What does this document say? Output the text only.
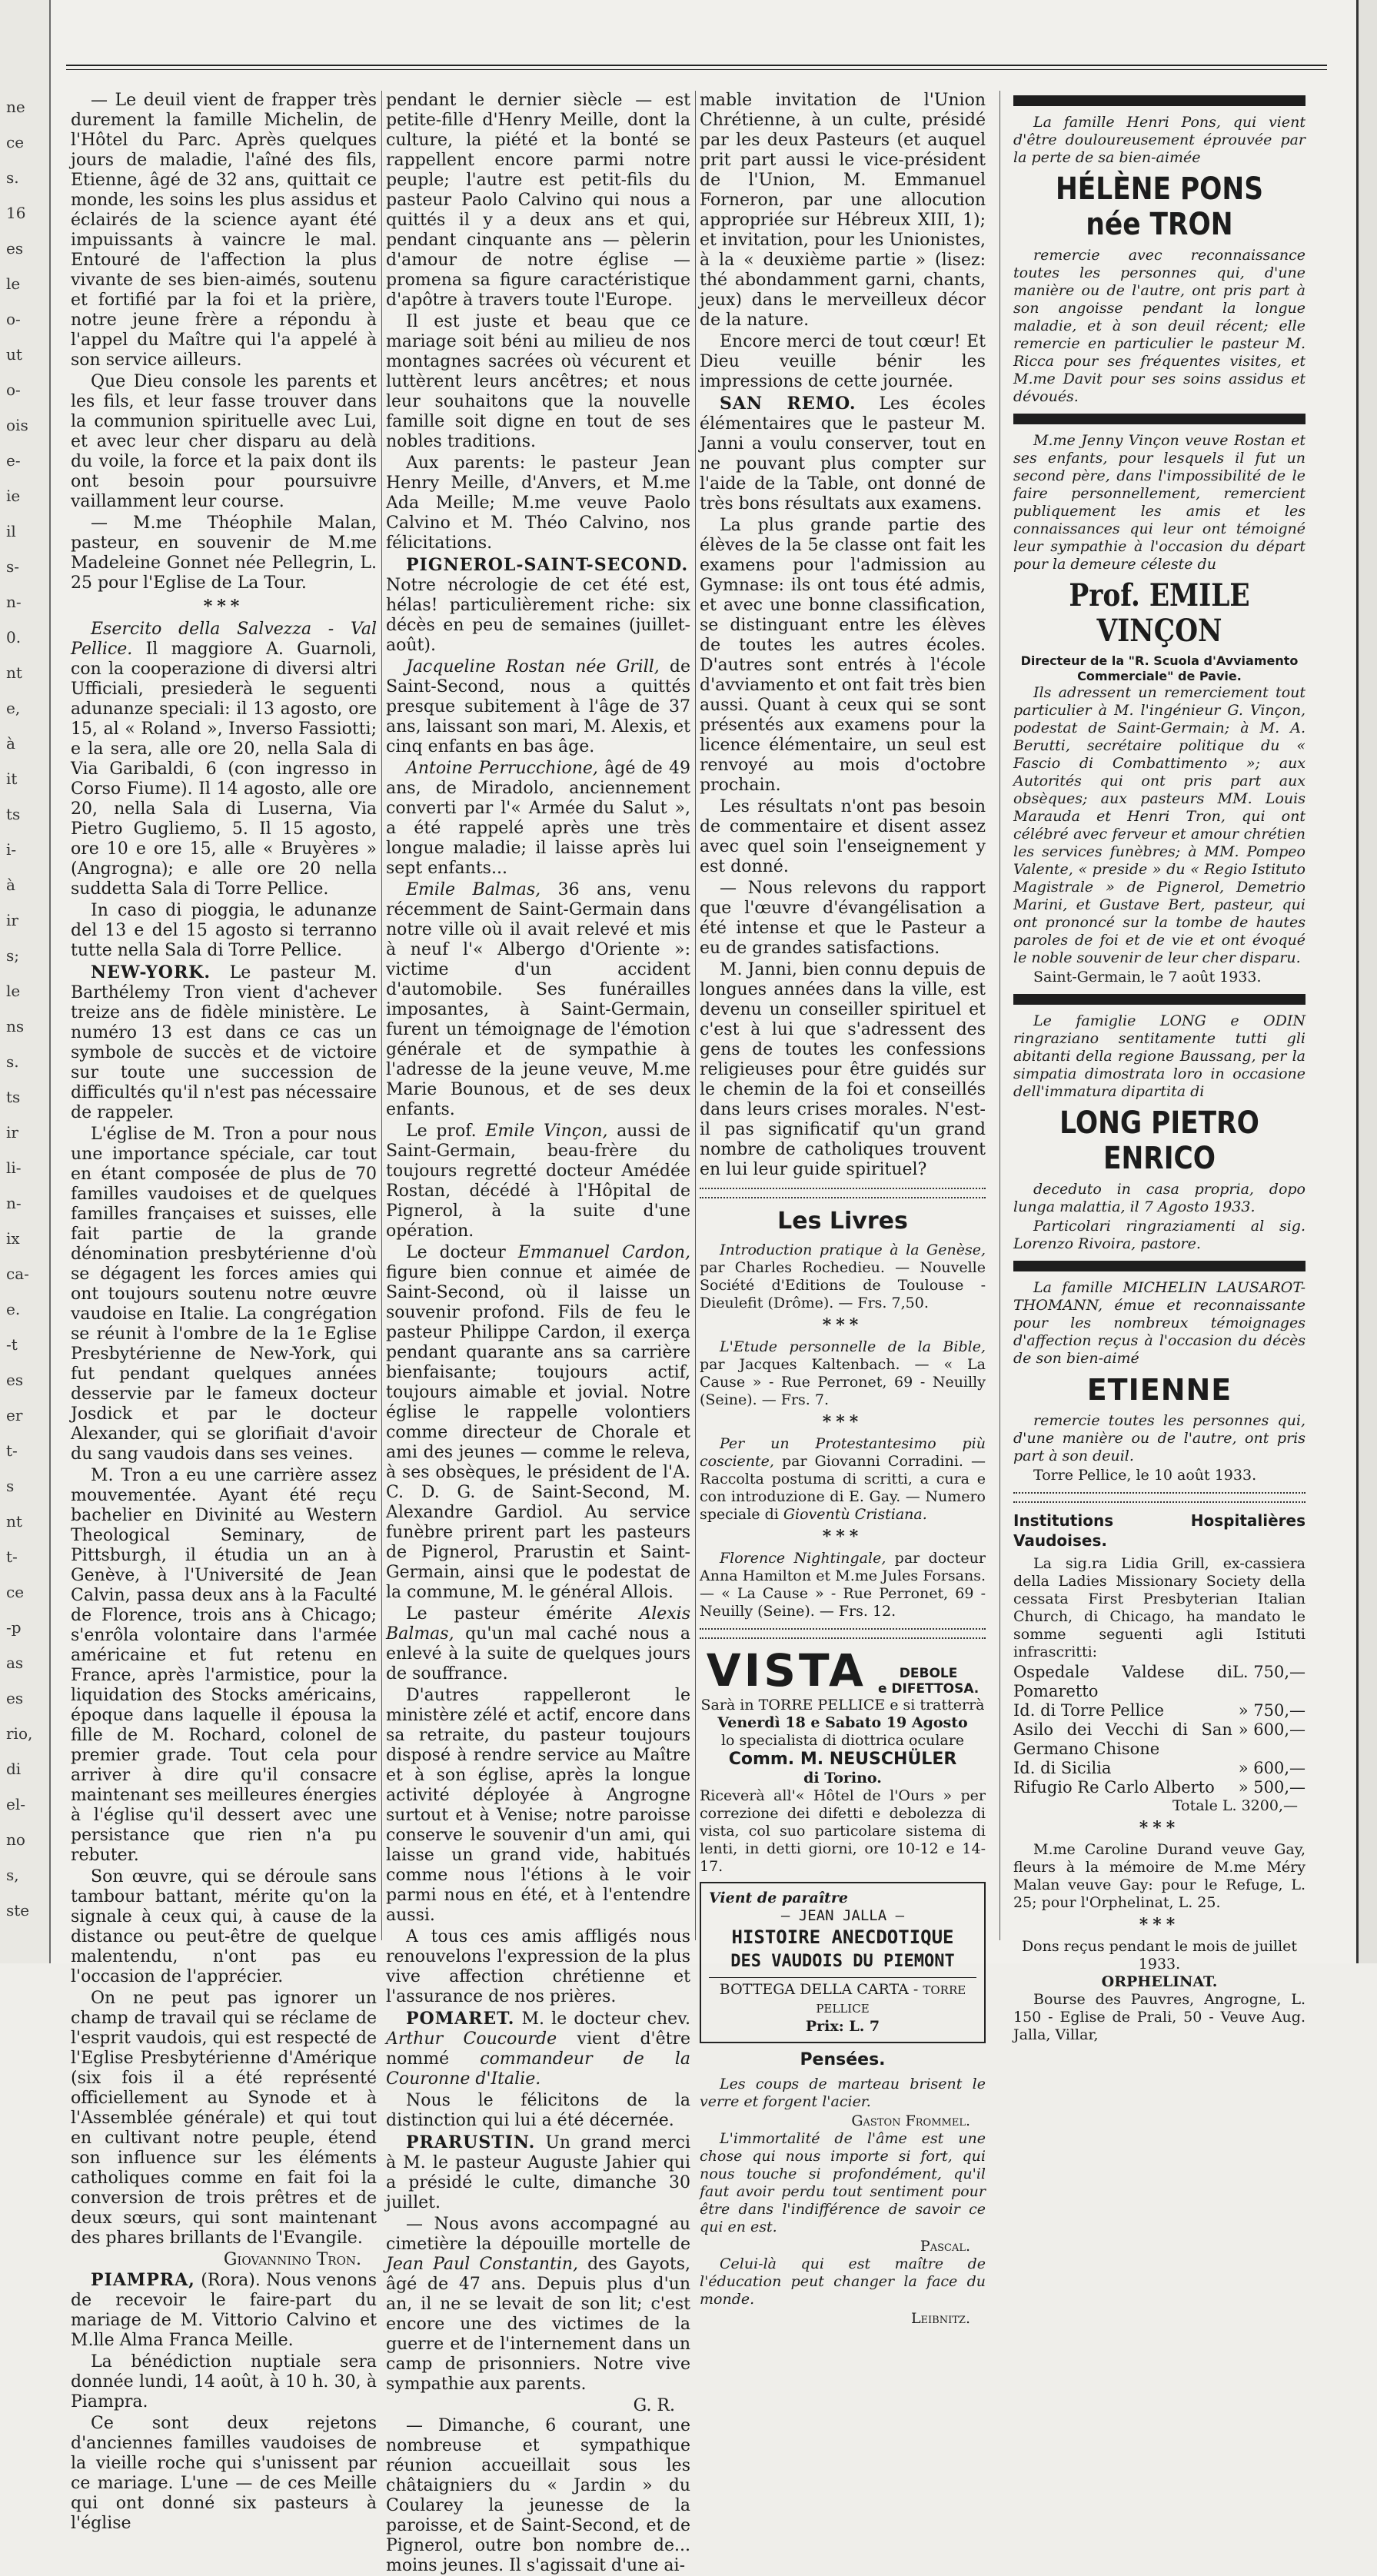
ne
ce
s.
16
es
le
o-
ut
o-
ois
e-
ie
il
s-
n-
0.
nt
e,
à
it
ts
i-
à
ir
s;
le
ns
s.
ts
ir
li-
n-
ix
ca-
e.
-t
es
er
t-
s
nt
t-
ce
-p
as
es
rio,
di
el-
no
s,
ste

— Le deuil vient de frapper très durement la famille Michelin, de l'Hôtel du Parc. Après quelques jours de maladie, l'aîné des fils, Etienne, âgé de 32 ans, quittait ce monde, les soins les plus assidus et éclairés de la science ayant été impuissants à vaincre le mal. Entouré de l'affection la plus vivante de ses bien-aimés, soutenu et fortifié par la foi et la prière, notre jeune frère a répondu à l'appel du Maître qui l'a appelé à son service ailleurs.

Que Dieu console les parents et les fils, et leur fasse trouver dans la communion spirituelle avec Lui, et avec leur cher disparu au delà du voile, la force et la paix dont ils ont besoin pour poursuivre vaillamment leur course.

— M.me Théophile Malan, pasteur, en souvenir de M.me Madeleine Gonnet née Pellegrin, L. 25 pour l'Eglise de La Tour.

***

Esercito della Salvezza - Val Pellice. Il maggiore A. Guarnoli, con la cooperazione di diversi altri Ufficiali, presiederà le seguenti adunanze speciali: il 13 agosto, ore 15, al « Roland », Inverso Fassiotti; e la sera, alle ore 20, nella Sala di Via Garibaldi, 6 (con ingresso in Corso Fiume). Il 14 agosto, alle ore 20, nella Sala di Luserna, Via Pietro Gugliemo, 5. Il 15 agosto, ore 10 e ore 15, alle « Bruyères » (Angrogna); e alle ore 20 nella suddetta Sala di Torre Pellice.

In caso di pioggia, le adunanze del 13 e del 15 agosto si terranno tutte nella Sala di Torre Pellice.

NEW-YORK. Le pasteur M. Barthélemy Tron vient d'achever treize ans de fidèle ministère. Le numéro 13 est dans ce cas un symbole de succès et de victoire sur toute une succession de difficultés qu'il n'est pas nécessaire de rappeler.

L'église de M. Tron a pour nous une importance spéciale, car tout en étant composée de plus de 70 familles vaudoises et de quelques familles françaises et suisses, elle fait partie de la grande dénomination presbytérienne d'où se dégagent les forces amies qui ont toujours soutenu notre œuvre vaudoise en Italie. La congrégation se réunit à l'ombre de la 1e Eglise Presbytérienne de New-York, qui fut pendant quelques années desservie par le fameux docteur Josdick et par le docteur Alexander, qui se glorifiait d'avoir du sang vaudois dans ses veines.

M. Tron a eu une carrière assez mouvementée. Ayant été reçu bachelier en Divinité au Western Theological Seminary, de Pittsburgh, il étudia un an à Genève, à l'Université de Jean Calvin, passa deux ans à la Faculté de Florence, trois ans à Chicago; s'enrôla volontaire dans l'armée américaine et fut retenu en France, après l'armistice, pour la liquidation des Stocks américains, époque dans laquelle il épousa la fille de M. Rochard, colonel de premier grade. Tout cela pour arriver à dire qu'il consacre maintenant ses meilleures énergies à l'église qu'il dessert avec une persistance que rien n'a pu rebuter.

Son œuvre, qui se déroule sans tambour battant, mérite qu'on la signale à ceux qui, à cause de la distance ou peut-être de quelque malentendu, n'ont pas eu l'occasion de l'apprécier.

On ne peut pas ignorer un champ de travail qui se réclame de l'esprit vaudois, qui est respecté de l'Eglise Presbytérienne d'Amérique (six fois il a été représenté officiellement au Synode et à l'Assemblée générale) et qui tout en cultivant notre peuple, étend son influence sur les éléments catholiques comme en fait foi la conversion de trois prêtres et de deux sœurs, qui sont maintenant des phares brillants de l'Evangile.

Giovannino Tron.

PIAMPRA, (Rora). Nous venons de recevoir le faire-part du mariage de M. Vittorio Calvino et M.lle Alma Franca Meille.

La bénédiction nuptiale sera donnée lundi, 14 août, à 10 h. 30, à Piampra.

Ce sont deux rejetons d'anciennes familles vaudoises de la vieille roche qui s'unissent par ce mariage. L'une — de ces Meille qui ont donné six pasteurs à l'église

pendant le dernier siècle — est petite-fille d'Henry Meille, dont la culture, la piété et la bonté se rappellent encore parmi notre peuple; l'autre est petit-fils du pasteur Paolo Calvino qui nous a quittés il y a deux ans et qui, pendant cinquante ans — pèlerin d'amour de notre église — promena sa figure caractéristique d'apôtre à travers toute l'Europe.

Il est juste et beau que ce mariage soit béni au milieu de nos montagnes sacrées où vécurent et luttèrent leurs ancêtres; et nous leur souhaitons que la nouvelle famille soit digne en tout de ses nobles traditions.

Aux parents: le pasteur Jean Henry Meille, d'Anvers, et M.me Ada Meille; M.me veuve Paolo Calvino et M. Théo Calvino, nos félicitations.

PIGNEROL-SAINT-SECOND. Notre nécrologie de cet été est, hélas! particulièrement riche: six décès en peu de semaines (juillet-août).

Jacqueline Rostan née Grill, de Saint-Second, nous a quittés presque subitement à l'âge de 37 ans, laissant son mari, M. Alexis, et cinq enfants en bas âge.

Antoine Perrucchione, âgé de 49 ans, de Miradolo, anciennement converti par l'« Armée du Salut », a été rappelé après une très longue maladie; il laisse après lui sept enfants...

Emile Balmas, 36 ans, venu récemment de Saint-Germain dans notre ville où il avait relevé et mis à neuf l'« Albergo d'Oriente »: victime d'un accident d'automobile. Ses funérailles imposantes, à Saint-Germain, furent un témoignage de l'émotion générale et de sympathie à l'adresse de la jeune veuve, M.me Marie Bounous, et de ses deux enfants.

Le prof. Emile Vinçon, aussi de Saint-Germain, beau-frère du toujours regretté docteur Amédée Rostan, décédé à l'Hôpital de Pignerol, à la suite d'une opération.

Le docteur Emmanuel Cardon, figure bien connue et aimée de Saint-Second, où il laisse un souvenir profond. Fils de feu le pasteur Philippe Cardon, il exerça pendant quarante ans sa carrière bienfaisante; toujours actif, toujours aimable et jovial. Notre église le rappelle volontiers comme directeur de Chorale et ami des jeunes — comme le releva, à ses obsèques, le président de l'A. C. D. G. de Saint-Second, M. Alexandre Gardiol. Au service funèbre prirent part les pasteurs de Pignerol, Prarustin et Saint-Germain, ainsi que le podestat de la commune, M. le général Allois.

Le pasteur émérite Alexis Balmas, qu'un mal caché nous a enlevé à la suite de quelques jours de souffrance.

D'autres rappelleront le ministère zélé et actif, encore dans sa retraite, du pasteur toujours disposé à rendre service au Maître et à son église, après la longue activité déployée à Angrogne surtout et à Venise; notre paroisse conserve le souvenir d'un ami, qui laisse un grand vide, habitués comme nous l'étions à le voir parmi nous en été, et à l'entendre aussi.

A tous ces amis affligés nous renouvelons l'expression de la plus vive affection chrétienne et l'assurance de nos prières.

POMARET. M. le docteur chev. Arthur Coucourde vient d'être nommé commandeur de la Couronne d'Italie.

Nous le félicitons de la distinction qui lui a été décernée.

PRARUSTIN. Un grand merci à M. le pasteur Auguste Jahier qui a présidé le culte, dimanche 30 juillet.

— Nous avons accompagné au cimetière la dépouille mortelle de Jean Paul Constantin, des Gayots, âgé de 47 ans. Depuis plus d'un an, il ne se levait de son lit; c'est encore une des victimes de la guerre et de l'internement dans un camp de prisonniers. Notre vive sympathie aux parents.

G. R.

— Dimanche, 6 courant, une nombreuse et sympathique réunion accueillait sous les châtaigniers du « Jardin » du Coularey la jeunesse de la paroisse, et de Saint-Second, et de Pignerol, outre bon nombre de... moins jeunes. Il s'agissait d'une ai-

mable invitation de l'Union Chrétienne, à un culte, présidé par les deux Pasteurs (et auquel prit part aussi le vice-président de l'Union, M. Emmanuel Forneron, par une allocution appropriée sur Hébreux XIII, 1); et invitation, pour les Unionistes, à la « deuxième partie » (lisez: thé abondamment garni, chants, jeux) dans le merveilleux décor de la nature.

Encore merci de tout cœur! Et Dieu veuille bénir les impressions de cette journée.

SAN REMO. Les écoles élémentaires que le pasteur M. Janni a voulu conserver, tout en ne pouvant plus compter sur l'aide de la Table, ont donné de très bons résultats aux examens.

La plus grande partie des élèves de la 5e classe ont fait les examens pour l'admission au Gymnase: ils ont tous été admis, et avec une bonne classification, se distinguant entre les élèves de toutes les autres écoles. D'autres sont entrés à l'école d'avviamento et ont fait très bien aussi. Quant à ceux qui se sont présentés aux examens pour la licence élémentaire, un seul est renvoyé au mois d'octobre prochain.

Les résultats n'ont pas besoin de commentaire et disent assez avec quel soin l'enseignement y est donné.

— Nous relevons du rapport que l'œuvre d'évangélisation a été intense et que le Pasteur a eu de grandes satisfactions.

M. Janni, bien connu depuis de longues années dans la ville, est devenu un conseiller spirituel et c'est à lui que s'adressent des gens de toutes les confessions religieuses pour être guidés sur le chemin de la foi et conseillés dans leurs crises morales. N'est-il pas significatif qu'un grand nombre de catholiques trouvent en lui leur guide spirituel?

Les Livres

Introduction pratique à la Genèse, par Charles Rochedieu. — Nouvelle Société d'Editions de Toulouse - Dieulefit (Drôme). — Frs. 7,50.

***

L'Etude personnelle de la Bible, par Jacques Kaltenbach. — « La Cause » - Rue Perronet, 69 - Neuilly (Seine). — Frs. 7.

***

Per un Protestantesimo più cosciente, par Giovanni Corradini. — Raccolta postuma di scritti, a cura e con introduzione di E. Gay. — Numero speciale di Gioventù Cristiana.

***

Florence Nightingale, par docteur Anna Hamilton et M.me Jules Forsans. — « La Cause » - Rue Perronet, 69 - Neuilly (Seine). — Frs. 12.

VISTA	DEBOLE
e DIFETTOSA.
Sarà in TORRE PELLICE e si tratterrà
Venerdì 18 e Sabato 19 Agosto
lo specialista di diottrica oculare
Comm. M. NEUSCHÜLER
di Torino.
Riceverà all'« Hôtel de l'Ours » per correzione dei difetti e debolezza di vista, col suo particolare sistema di lenti, in detti giorni, ore 10-12 e 14-17.
Vient de paraître
— JEAN JALLA —
HISTOIRE ANECDOTIQUE
DES VAUDOIS DU PIEMONT
BOTTEGA DELLA CARTA - TORRE PELLICE
Prix: L. 7
Pensées.

Les coups de marteau brisent le verre et forgent l'acier.

Gaston Frommel.

L'immortalité de l'âme est une chose qui nous importe si fort, qui nous touche si profondément, qu'il faut avoir perdu tout sentiment pour être dans l'indifférence de savoir ce qui en est.

Pascal.

Celui-là qui est maître de l'éducation peut changer la face du monde.

Leibnitz.

La famille Henri Pons, qui vient d'être douloureusement éprouvée par la perte de sa bien-aimée

HÉLÈNE PONS née TRON

remercie avec reconnaissance toutes les personnes qui, d'une manière ou de l'autre, ont pris part à son angoisse pendant la longue maladie, et à son deuil récent; elle remercie en particulier le pasteur M. Ricca pour ses fréquentes visites, et M.me Davit pour ses soins assidus et dévoués.

M.me Jenny Vinçon veuve Rostan et ses enfants, pour lesquels il fut un second père, dans l'impossibilité de le faire personnellement, remercient publiquement les amis et les connaissances qui leur ont témoigné leur sympathie à l'occasion du départ pour la demeure céleste du

Prof. EMILE VINÇON
Directeur de la "R. Scuola d'Avviamento Commerciale" de Pavie.

Ils adressent un remerciement tout particulier à M. l'ingénieur G. Vinçon, podestat de Saint-Germain; à M. A. Berutti, secrétaire politique du « Fascio di Combattimento »; aux Autorités qui ont pris part aux obsèques; aux pasteurs MM. Louis Marauda et Henri Tron, qui ont célébré avec ferveur et amour chrétien les services funèbres; à MM. Pompeo Valente, « preside » du « Regio Istituto Magistrale » de Pignerol, Demetrio Marini, et Gustave Bert, pasteur, qui ont prononcé sur la tombe de hautes paroles de foi et de vie et ont évoqué le noble souvenir de leur cher disparu.

Saint-Germain, le 7 août 1933.

Le famiglie LONG e ODIN ringraziano sentitamente tutti gli abitanti della regione Baussang, per la simpatia dimostrata loro in occasione dell'immatura dipartita di

LONG PIETRO ENRICO

deceduto in casa propria, dopo lunga malattia, il 7 Agosto 1933.

Particolari ringraziamenti al sig. Lorenzo Rivoira, pastore.

La famille MICHELIN LAUSAROT-THOMANN, émue et reconnaissante pour les nombreux témoignages d'affection reçus à l'occasion du décès de son bien-aimé

ETIENNE

remercie toutes les personnes qui, d'une manière ou de l'autre, ont pris part à son deuil.

Torre Pellice, le 10 août 1933.

Institutions Hospitalières Vaudoises.

La sig.ra Lidia Grill, ex-cassiera della Ladies Missionary Society della cessata First Presbyterian Italian Church, di Chicago, ha mandato le somme seguenti agli Istituti infrascritti:

Ospedale Valdese di Pomaretto	L. 750,—
Id. di Torre Pellice	» 750,—
Asilo dei Vecchi di San Germano Chisone	» 600,—
Id. di Sicilia	» 600,—
Rifugio Re Carlo Alberto	» 500,—
Totale L. 3200,—
***

M.me Caroline Durand veuve Gay, fleurs à la mémoire de M.me Méry Malan veuve Gay: pour le Refuge, L. 25; pour l'Orphelinat, L. 25.

***
Dons reçus pendant le mois de juillet 1933.
ORPHELINAT.

Bourse des Pauvres, Angrogne, L. 150 - Eglise de Prali, 50 - Veuve Aug. Jalla, Villar,
